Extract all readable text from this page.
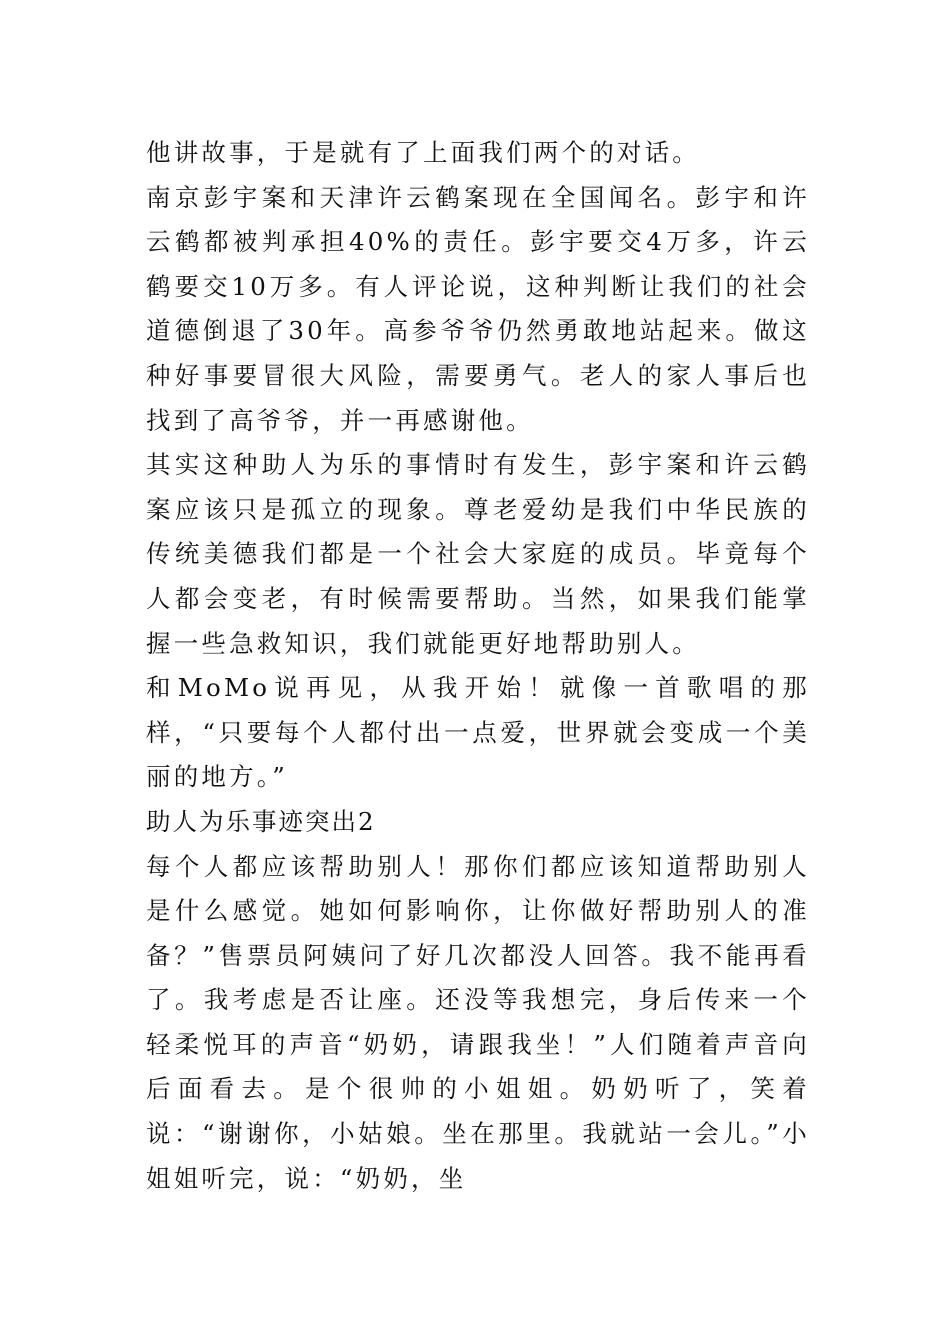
他讲故事，于是就有了上面我们两个的对话。

南京彭宇案和天津许云鹤案现在全国闻名。彭宇和许云鹤都被判承担40%的责任。彭宇要交4万多，许云鹤要交10万多。有人评论说，这种判断让我们的社会道德倒退了30年。高参爷爷仍然勇敢地站起来。做这种好事要冒很大风险，需要勇气。老人的家人事后也找到了高爷爷，并一再感谢他。

其实这种助人为乐的事情时有发生，彭宇案和许云鹤案应该只是孤立的现象。尊老爱幼是我们中华民族的传统美德我们都是一个社会大家庭的成员。毕竟每个人都会变老，有时候需要帮助。当然，如果我们能掌握一些急救知识，我们就能更好地帮助别人。

和MoMo说再见，从我开始！就像一首歌唱的那样，“只要每个人都付出一点爱，世界就会变成一个美丽的地方。”

助人为乐事迹突出2

每个人都应该帮助别人！那你们都应该知道帮助别人是什么感觉。她如何影响你，让你做好帮助别人的准备？”售票员阿姨问了好几次都没人回答。我不能再看了。我考虑是否让座。还没等我想完，身后传来一个轻柔悦耳的声音“奶奶，请跟我坐！”人们随着声音向后面看去。是个很帅的小姐姐。奶奶听了，笑着说：“谢谢你，小姑娘。坐在那里。我就站一会儿。”小姐姐听完，说：“奶奶，坐
